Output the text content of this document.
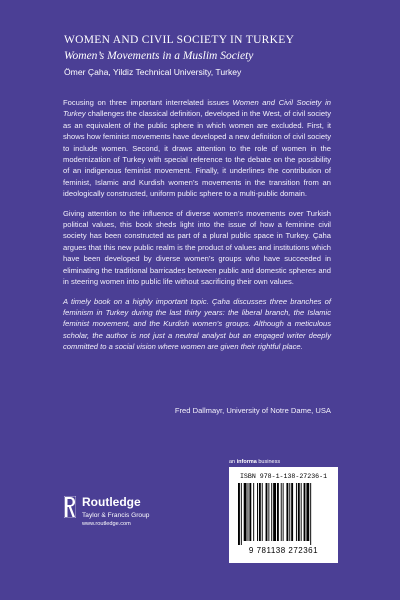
WOMEN AND CIVIL SOCIETY IN TURKEY
Women’s Movements in a Muslim Society
Ömer Çaha, Yildiz Technical University, Turkey

Focusing on three important interrelated issues Women and Civil Society in Turkey challenges the classical definition, developed in the West, of civil society as an equivalent of the public sphere in which women are excluded. First, it shows how feminist movements have developed a new definition of civil society to include women. Second, it draws attention to the role of women in the modernization of Turkey with special reference to the debate on the possibility of an indigenous feminist movement. Finally, it underlines the contribution of feminist, Islamic and Kurdish women’s movements in the transition from an ideologically constructed, uniform public sphere to a multi-public domain.

Giving attention to the influence of diverse women’s movements over Turkish political values, this book sheds light into the issue of how a feminine civil society has been constructed as part of a plural public space in Turkey. Çaha argues that this new public realm is the product of values and institutions which have been developed by diverse women’s groups who have succeeded in eliminating the traditional barricades between public and domestic spheres and in steering women into public life without sacrificing their own values.

A timely book on a highly important topic. Çaha discusses three branches of feminism in Turkey during the last thirty years: the liberal branch, the Islamic feminist movement, and the Kurdish women’s groups. Although a meticulous scholar, the author is not just a neutral analyst but an engaged writer deeply committed to a social vision where women are given their rightful place.

Fred Dallmayr, University of Notre Dame, USA
an informa business
Routledge
Taylor & Francis Group
www.routledge.com
ISBN 978-1-138-27236-1
9 781138 272361
